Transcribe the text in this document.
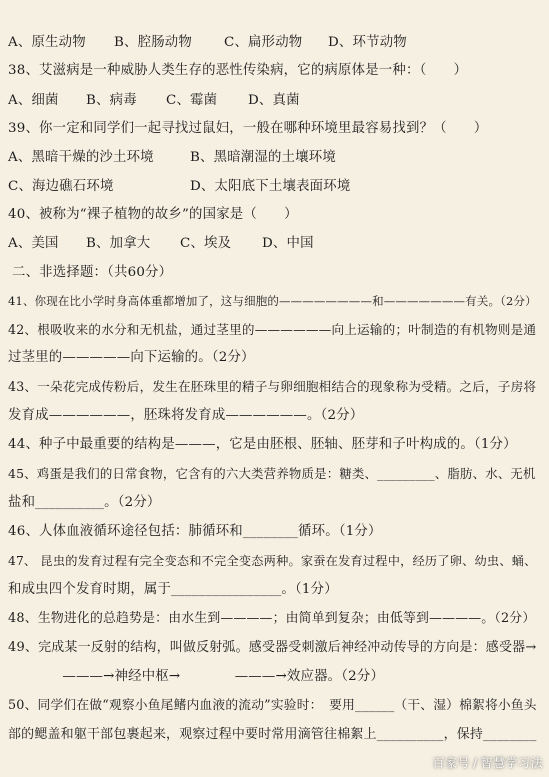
A、原生动物 B、腔肠动物 C、扁形动物 D、环节动物
38、艾滋病是一种威胁人类生存的恶性传染病，它的病原体是一种：（　　）
A、细菌 B、病毒 C、霉菌 D、真菌
39、你一定和同学们一起寻找过鼠妇，一般在哪种环境里最容易找到？（　　）
A、黑暗干燥的沙土环境	B、黑暗潮湿的土壤环境
C、海边礁石环境	D、太阳底下土壤表面环境
40、被称为“裸子植物的故乡”的国家是（　　）
A、美国 B、加拿大 C、埃及 D、中国
二、非选择题：（共60分）
41、你现在比小学时身高体重都增加了，这与细胞的————————和———————有关。（2分）
42、根吸收来的水分和无机盐，通过茎里的——————向上运输的；叶制造的有机物则是通
过茎里的—————向下运输的。（2分）
43、一朵花完成传粉后，发生在胚珠里的精子与卵细胞相结合的现象称为受精。之后，子房将
发育成——————，胚珠将发育成——————。（2分）
44、种子中最重要的结构是———，它是由胚根、胚轴、胚芽和子叶构成的。（1分）
45、鸡蛋是我们的日常食物，它含有的六大类营养物质是：糖类、_________、脂肪、水、无机
盐和__________。（2分）
46、人体血液循环途径包括：肺循环和________循环。（1分）
47、 昆虫的发育过程有完全变态和不完全变态两种。家蚕在发育过程中，经历了卵、幼虫、蛹、
和成虫四个发育时期，属于________________。（1分）
48、生物进化的总趋势是：由水生到————；由简单到复杂；由低等到————。（2分）
49、完成某一反射的结构，叫做反射弧。感受器受刺激后神经冲动传导的方向是：感受器→
　　　　———→神经中枢→　　　　———→效应器。（2分）
50、同学们在做“观察小鱼尾鳍内血液的流动”实验时：　要用______（干、湿）棉絮将小鱼头
部的鳃盖和躯干部包裹起来，观察过程中要时常用滴管往棉絮上__________，保持________
百家号 / 智慧学习法
